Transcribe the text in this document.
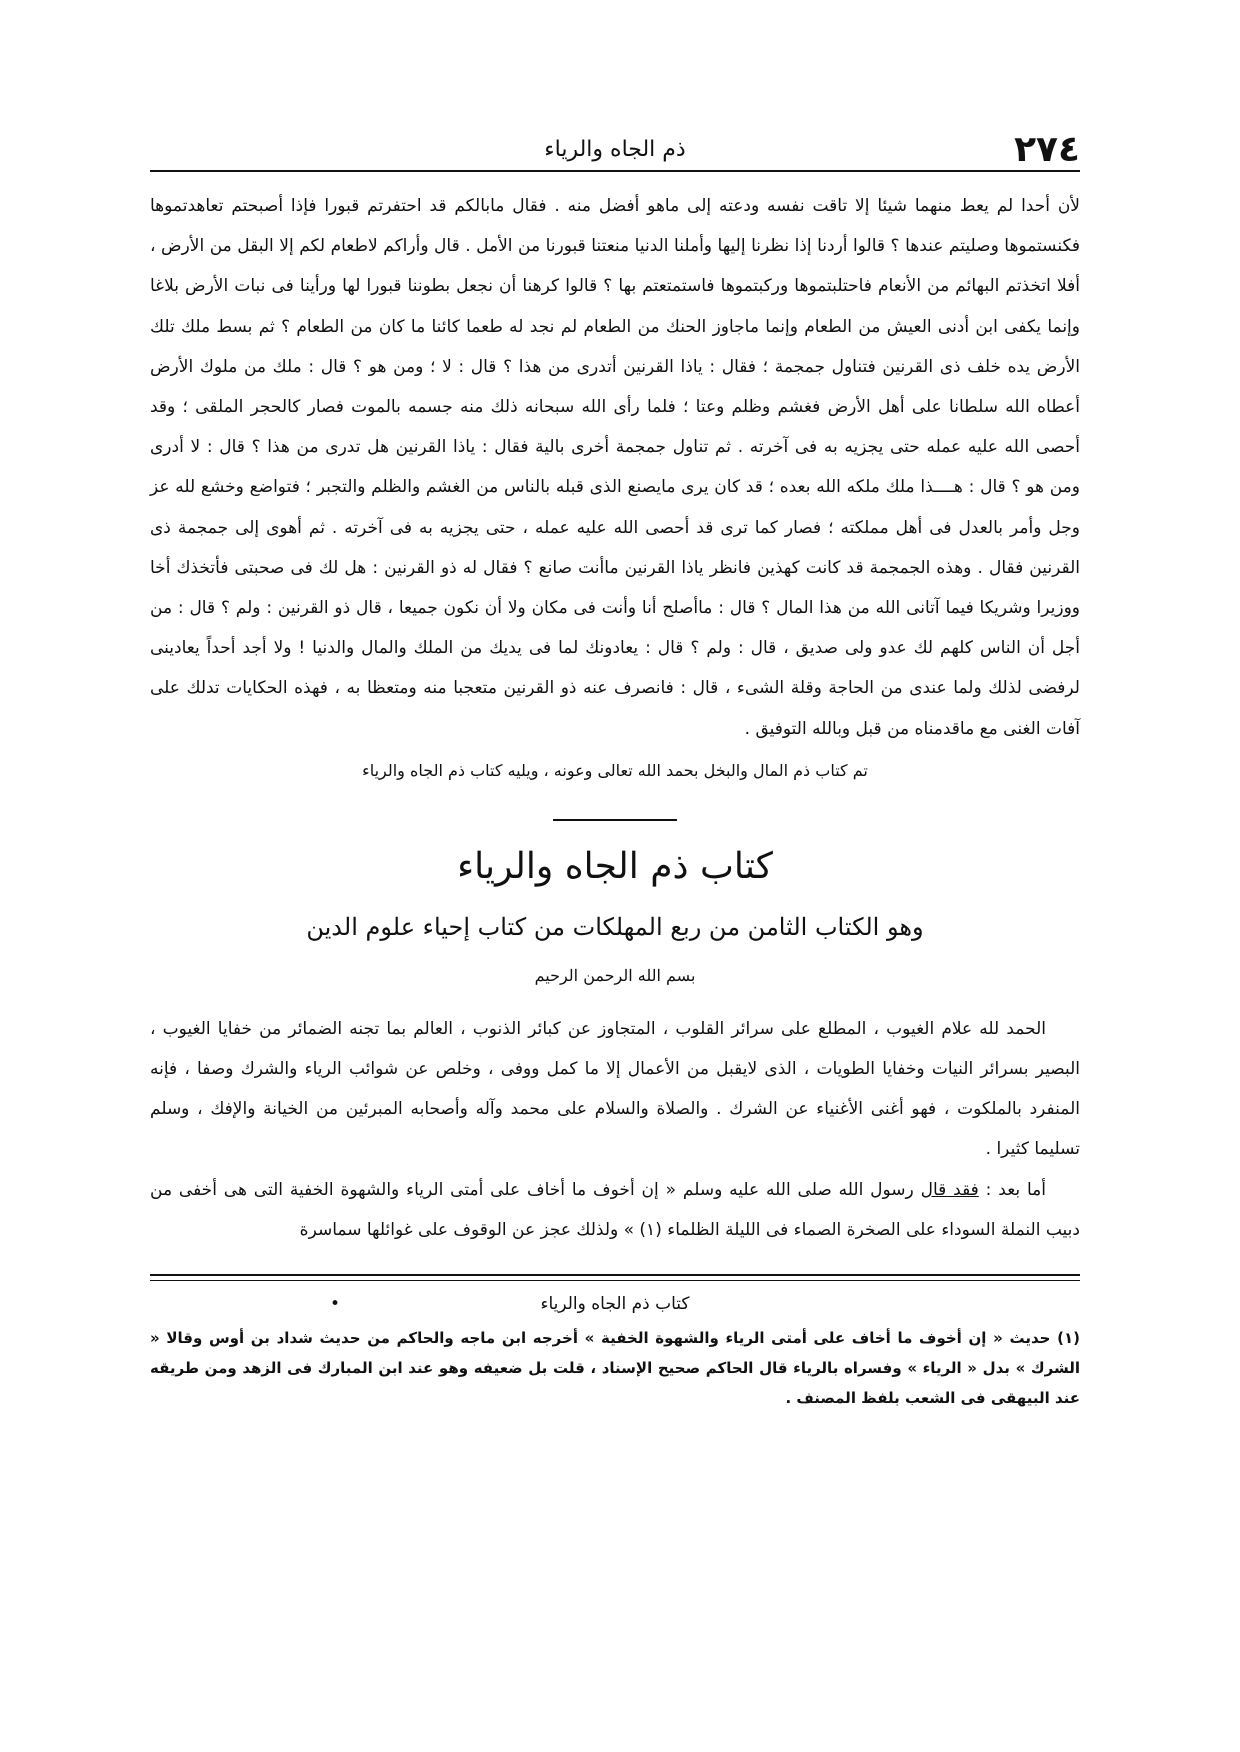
٢٧٤
ذم الجاه والرياء

لأن أحدا لم يعط منهما شيئا إلا تاقت نفسه ودعته إلى ماهو أفضل منه . فقال مابالكم قد احتفرتم قبورا فإذا أصبحتم تعاهدتموها فكنستموها وصليتم عندها ؟ قالوا أردنا إذا نظرنا إليها وأملنا الدنيا منعتنا قبورنا من الأمل . قال وأراكم لاطعام لكم إلا البقل من الأرض ، أفلا اتخذتم البهائم من الأنعام فاحتلبتموها وركبتموها فاستمتعتم بها ؟ قالوا كرهنا أن نجعل بطوننا قبورا لها ورأينا فى نبات الأرض بلاغا وإنما يكفى ابن أدنى العيش من الطعام وإنما ماجاوز الحنك من الطعام لم نجد له طعما كائنا ما كان من الطعام ؟ ثم بسط ملك تلك الأرض يده خلف ذى القرنين فتناول جمجمة ؛ فقال : ياذا القرنين أتدرى من هذا ؟ قال : لا ؛ ومن هو ؟ قال : ملك من ملوك الأرض أعطاه الله سلطانا على أهل الأرض فغشم وظلم وعتا ؛ فلما رأى الله سبحانه ذلك منه جسمه بالموت فصار كالحجر الملقى ؛ وقد أحصى الله عليه عمله حتى يجزيه به فى آخرته . ثم تناول جمجمة أخرى بالية فقال : ياذا القرنين هل تدرى من هذا ؟ قال : لا أدرى ومن هو ؟ قال : هــــذا ملك ملكه الله بعده ؛ قد كان يرى مايصنع الذى قبله بالناس من الغشم والظلم والتجبر ؛ فتواضع وخشع لله عز وجل وأمر بالعدل فى أهل مملكته ؛ فصار كما ترى قد أحصى الله عليه عمله ، حتى يجزيه به فى آخرته . ثم أهوى إلى جمجمة ذى القرنين فقال . وهذه الجمجمة قد كانت كهذين فانظر ياذا القرنين ماأنت صانع ؟ فقال له ذو القرنين : هل لك فى صحبتى فأتخذك أخا ووزيرا وشريكا فيما آتانى الله من هذا المال ؟ قال : ماأصلح أنا وأنت فى مكان ولا أن نكون جميعا ، قال ذو القرنين : ولم ؟ قال : من أجل أن الناس كلهم لك عدو ولى صديق ، قال : ولم ؟ قال : يعادونك لما فى يديك من الملك والمال والدنيا ! ولا أجد أحداً يعادينى لرفضى لذلك ولما عندى من الحاجة وقلة الشىء ، قال : فانصرف عنه ذو القرنين متعجبا منه ومتعظا به ، فهذه الحكايات تدلك على آفات الغنى مع ماقدمناه من قبل وبالله التوفيق .

تم كتاب ذم المال والبخل بحمد الله تعالى وعونه ، ويليه كتاب ذم الجاه والرياء
كتاب ذم الجاه والرياء
وهو الكتاب الثامن من ربع المهلكات من كتاب إحياء علوم الدين
بسم الله الرحمن الرحيم

الحمد لله علام الغيوب ، المطلع على سرائر القلوب ، المتجاوز عن كبائر الذنوب ، العالم بما تجنه الضمائر من خفايا الغيوب ، البصير بسرائر النيات وخفايا الطويات ، الذى لايقبل من الأعمال إلا ما كمل ووفى ، وخلص عن شوائب الرياء والشرك وصفا ، فإنه المنفرد بالملكوت ، فهو أغنى الأغنياء عن الشرك . والصلاة والسلام على محمد وآله وأصحابه المبرئين من الخيانة والإفك ، وسلم تسليما كثيرا .

أما بعد : فقد قال رسول الله صلى الله عليه وسلم « إن أخوف ما أخاف على أمتى الرياء والشهوة الخفية التى هى أخفى من دبيب النملة السوداء على الصخرة الصماء فى الليلة الظلماء (١) » ولذلك عجز عن الوقوف على غوائلها سماسرة

كتاب ذم الجاه والرياء
•
(١) حديث « إن أخوف ما أخاف على أمتى الرياء والشهوة الخفية » أخرجه ابن ماجه والحاكم من حديث شداد بن أوس وقالا « الشرك » بدل « الرياء » وفسراه بالرياء قال الحاكم صحيح الإسناد ، قلت بل ضعيفه وهو عند ابن المبارك فى الزهد ومن طريقه عند البيهقى فى الشعب بلفظ المصنف .
